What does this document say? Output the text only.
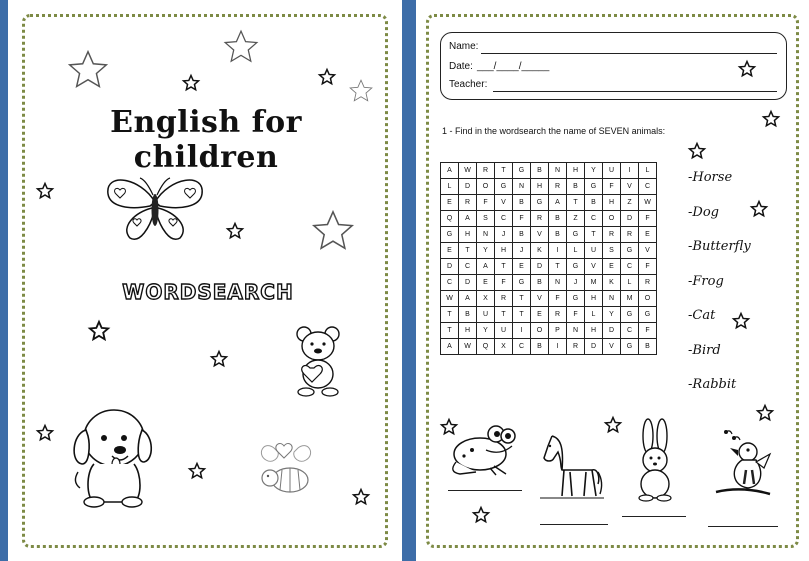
English for children
WORDSEARCH
Name:
Date: ___/____/_____
Teacher:
1 - Find in the wordsearch the name of SEVEN animals:
A	W	R	T	G	B	N	H	Y	U	I	L
L	D	O	G	N	H	R	B	G	F	V	C
E	R	F	V	B	G	A	T	B	H	Z	W
Q	A	S	C	F	R	B	Z	C	O	D	F
G	H	N	J	B	V	B	G	T	R	R	E
E	T	Y	H	J	K	I	L	U	S	G	V
D	C	A	T	E	D	T	G	V	E	C	F
C	D	E	F	G	B	N	J	M	K	L	R
W	A	X	R	T	V	F	G	H	N	M	O
T	B	U	T	T	E	R	F	L	Y	G	G
T	H	Y	U	I	O	P	N	H	D	C	F
A	W	Q	X	C	B	I	R	D	V	G	B
-Horse
-Dog
-Butterfly
-Frog
-Cat
-Bird
-Rabbit
